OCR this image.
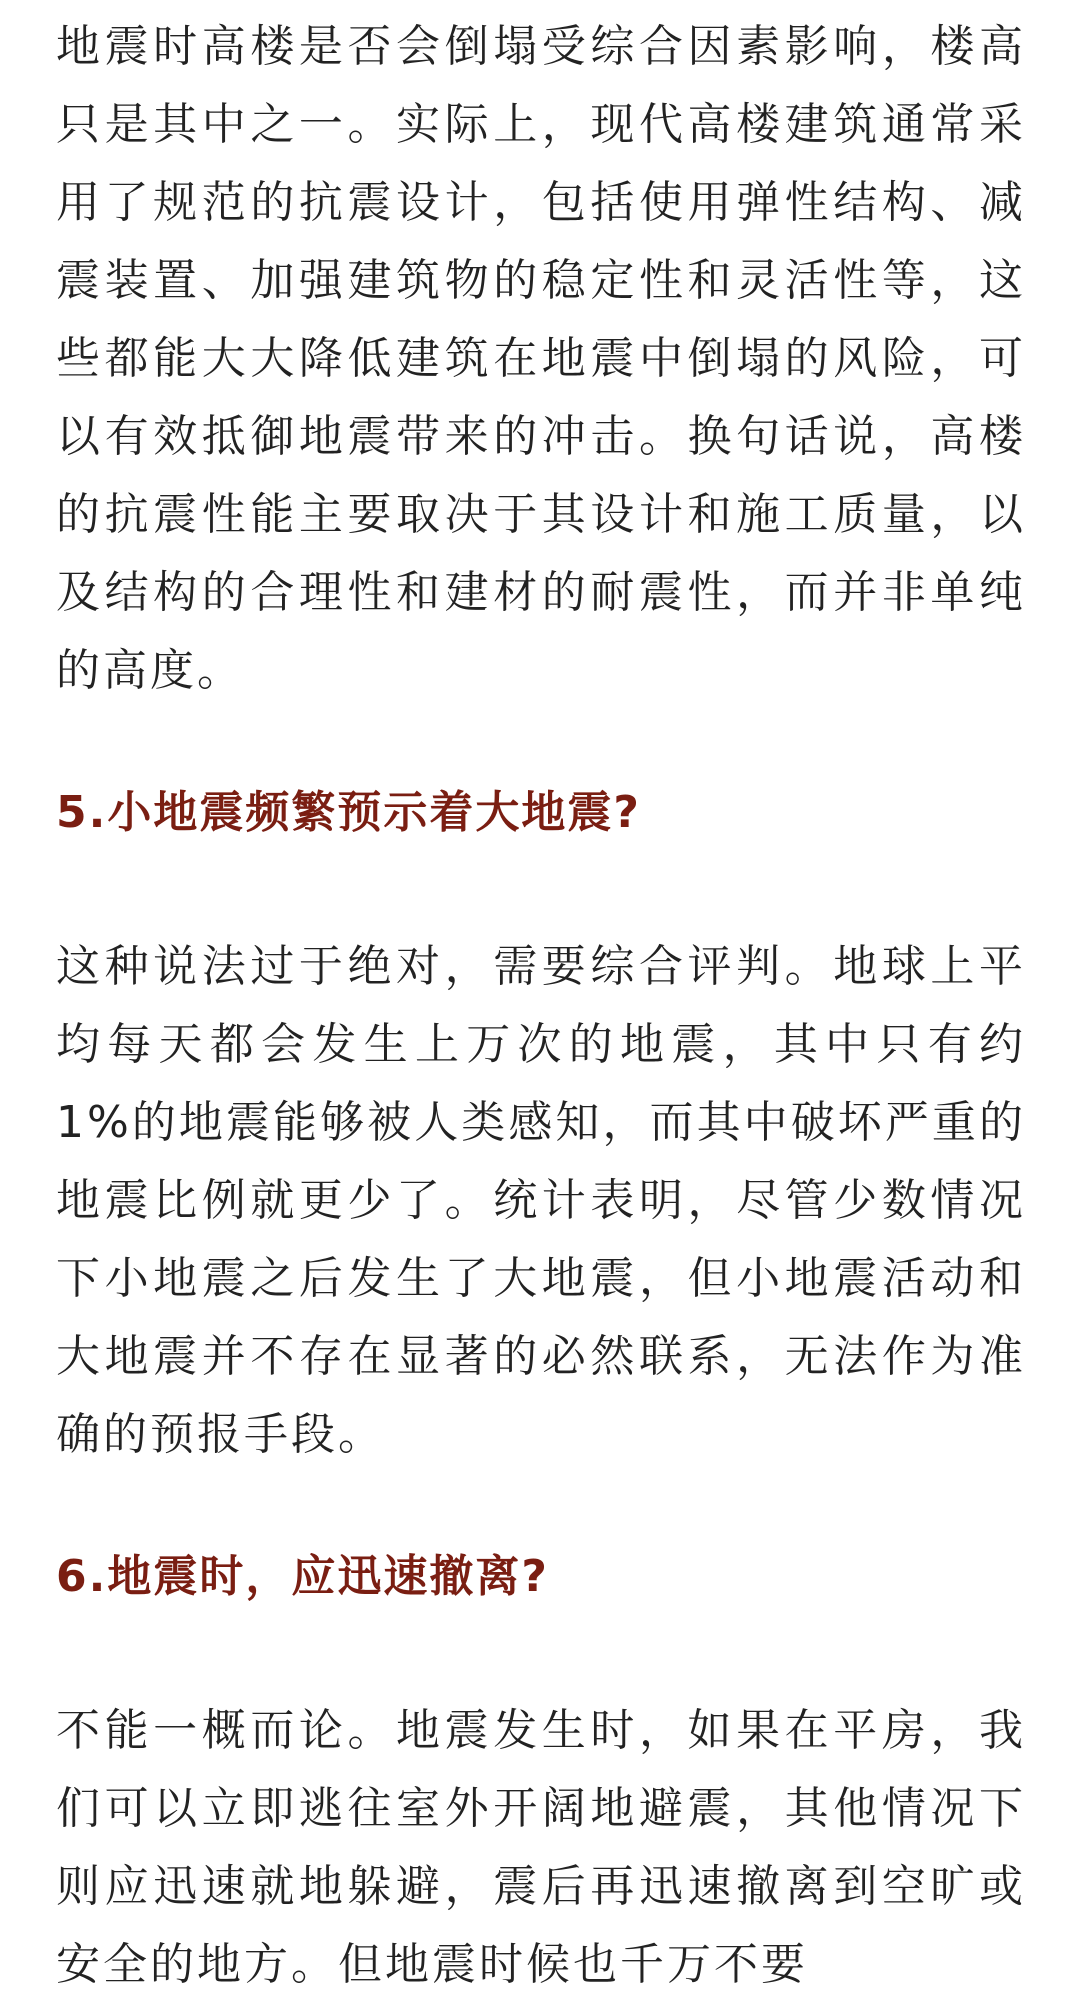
地震时高楼是否会倒塌受综合因素影响，楼高只是其中之一。实际上，现代高楼建筑通常采用了规范的抗震设计，包括使用弹性结构、减震装置、加强建筑物的稳定性和灵活性等，这些都能大大降低建筑在地震中倒塌的风险，可以有效抵御地震带来的冲击。换句话说，高楼的抗震性能主要取决于其设计和施工质量，以及结构的合理性和建材的耐震性，而并非单纯的高度。

5.小地震频繁预示着大地震?

这种说法过于绝对，需要综合评判。地球上平均每天都会发生上万次的地震，其中只有约 1%的地震能够被人类感知，而其中破坏严重的地震比例就更少了。统计表明，尽管少数情况下小地震之后发生了大地震，但小地震活动和大地震并不存在显著的必然联系，无法作为准确的预报手段。

6.地震时，应迅速撤离?

不能一概而论。地震发生时，如果在平房，我们可以立即逃往室外开阔地避震，其他情况下则应迅速就地躲避，震后再迅速撤离到空旷或安全的地方。但地震时候也千万不要
